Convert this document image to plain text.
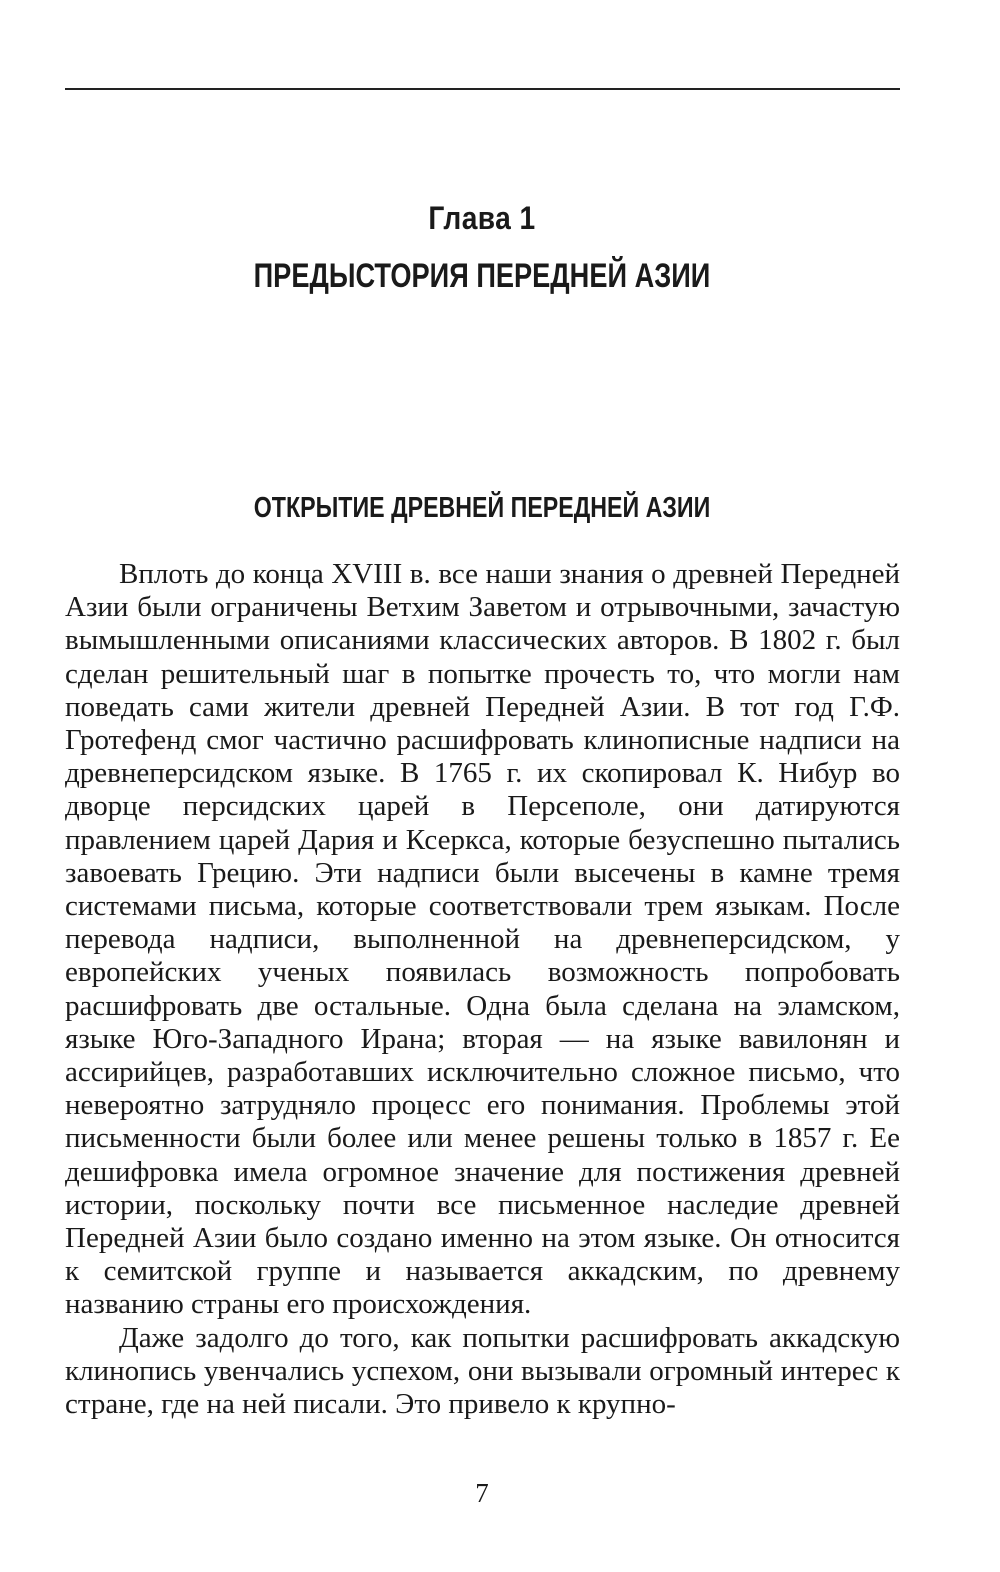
Глава 1
ПРЕДЫСТОРИЯ ПЕРЕДНЕЙ АЗИИ
ОТКРЫТИЕ ДРЕВНЕЙ ПЕРЕДНЕЙ АЗИИ

Вплоть до конца XVIII в. все наши знания о древней Передней Азии были ограничены Ветхим Заветом и отрывочными, зачастую вымышленными описаниями классических авторов. В 1802 г. был сделан решительный шаг в попытке прочесть то, что могли нам поведать сами жители древней Передней Азии. В тот год Г.Ф. Гротефенд смог частично расшифровать клинописные надписи на древнеперсидском языке. В 1765 г. их скопировал К. Нибур во дворце персидских царей в Персеполе, они датируются правлением царей Дария и Ксеркса, которые безуспешно пытались завоевать Грецию. Эти надписи были высечены в камне тремя системами письма, которые соответствовали трем языкам. После перевода надписи, выполненной на древнеперсидском, у европейских ученых появилась возможность попробовать расшифровать две остальные. Одна была сделана на эламском, языке Юго-Западного Ирана; вторая — на языке вавилонян и ассирийцев, разработавших исключительно сложное письмо, что невероятно затрудняло процесс его понимания. Проблемы этой письменности были более или менее решены только в 1857 г. Ее дешифровка имела огромное значение для постижения древней истории, поскольку почти все письменное наследие древней Передней Азии было создано именно на этом языке. Он относится к семитской группе и называется аккадским, по древнему названию страны его происхождения.

Даже задолго до того, как попытки расшифровать аккадскую клинопись увенчались успехом, они вызывали огромный интерес к стране, где на ней писали. Это привело к крупно-

7
